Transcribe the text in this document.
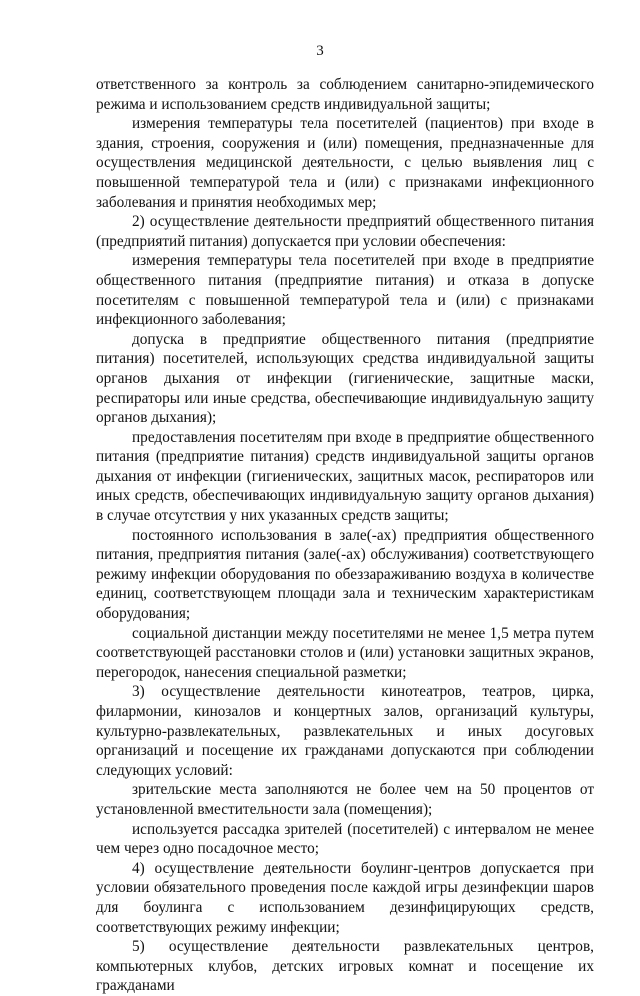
3

ответственного за контроль за соблюдением санитарно-эпидемического режима и использованием средств индивидуальной защиты;

измерения температуры тела посетителей (пациентов) при входе в здания, строения, сооружения и (или) помещения, предназначенные для осуществления медицинской деятельности, с целью выявления лиц с повышенной температурой тела и (или) с признаками инфекционного заболевания и принятия необходимых мер;

2) осуществление деятельности предприятий общественного питания (предприятий питания) допускается при условии обеспечения:

измерения температуры тела посетителей при входе в предприятие общественного питания (предприятие питания) и отказа в допуске посетителям с повышенной температурой тела и (или) с признаками инфекционного заболевания;

допуска в предприятие общественного питания (предприятие питания) посетителей, использующих средства индивидуальной защиты органов дыхания от инфекции (гигиенические, защитные маски, респираторы или иные средства, обеспечивающие индивидуальную защиту органов дыхания);

предоставления посетителям при входе в предприятие общественного питания (предприятие питания) средств индивидуальной защиты органов дыхания от инфекции (гигиенических, защитных масок, респираторов или иных средств, обеспечивающих индивидуальную защиту органов дыхания) в случае отсутствия у них указанных средств защиты;

постоянного использования в зале(-ах) предприятия общественного питания, предприятия питания (зале(-ах) обслуживания) соответствующего режиму инфекции оборудования по обеззараживанию воздуха в количестве единиц, соответствующем площади зала и техническим характеристикам оборудования;

социальной дистанции между посетителями не менее 1,5 метра путем соответствующей расстановки столов и (или) установки защитных экранов, перегородок, нанесения специальной разметки;

3) осуществление деятельности кинотеатров, театров, цирка, филармонии, кинозалов и концертных залов, организаций культуры, культурно-развлекательных, развлекательных и иных досуговых организаций и посещение их гражданами допускаются при соблюдении следующих условий:

зрительские места заполняются не более чем на 50 процентов от установленной вместительности зала (помещения);

используется рассадка зрителей (посетителей) с интервалом не менее чем через одно посадочное место;

4) осуществление деятельности боулинг-центров допускается при условии обязательного проведения после каждой игры дезинфекции шаров для боулинга с использованием дезинфицирующих средств, соответствующих режиму инфекции;

5) осуществление деятельности развлекательных центров, компьютерных клубов, детских игровых комнат и посещение их гражданами
